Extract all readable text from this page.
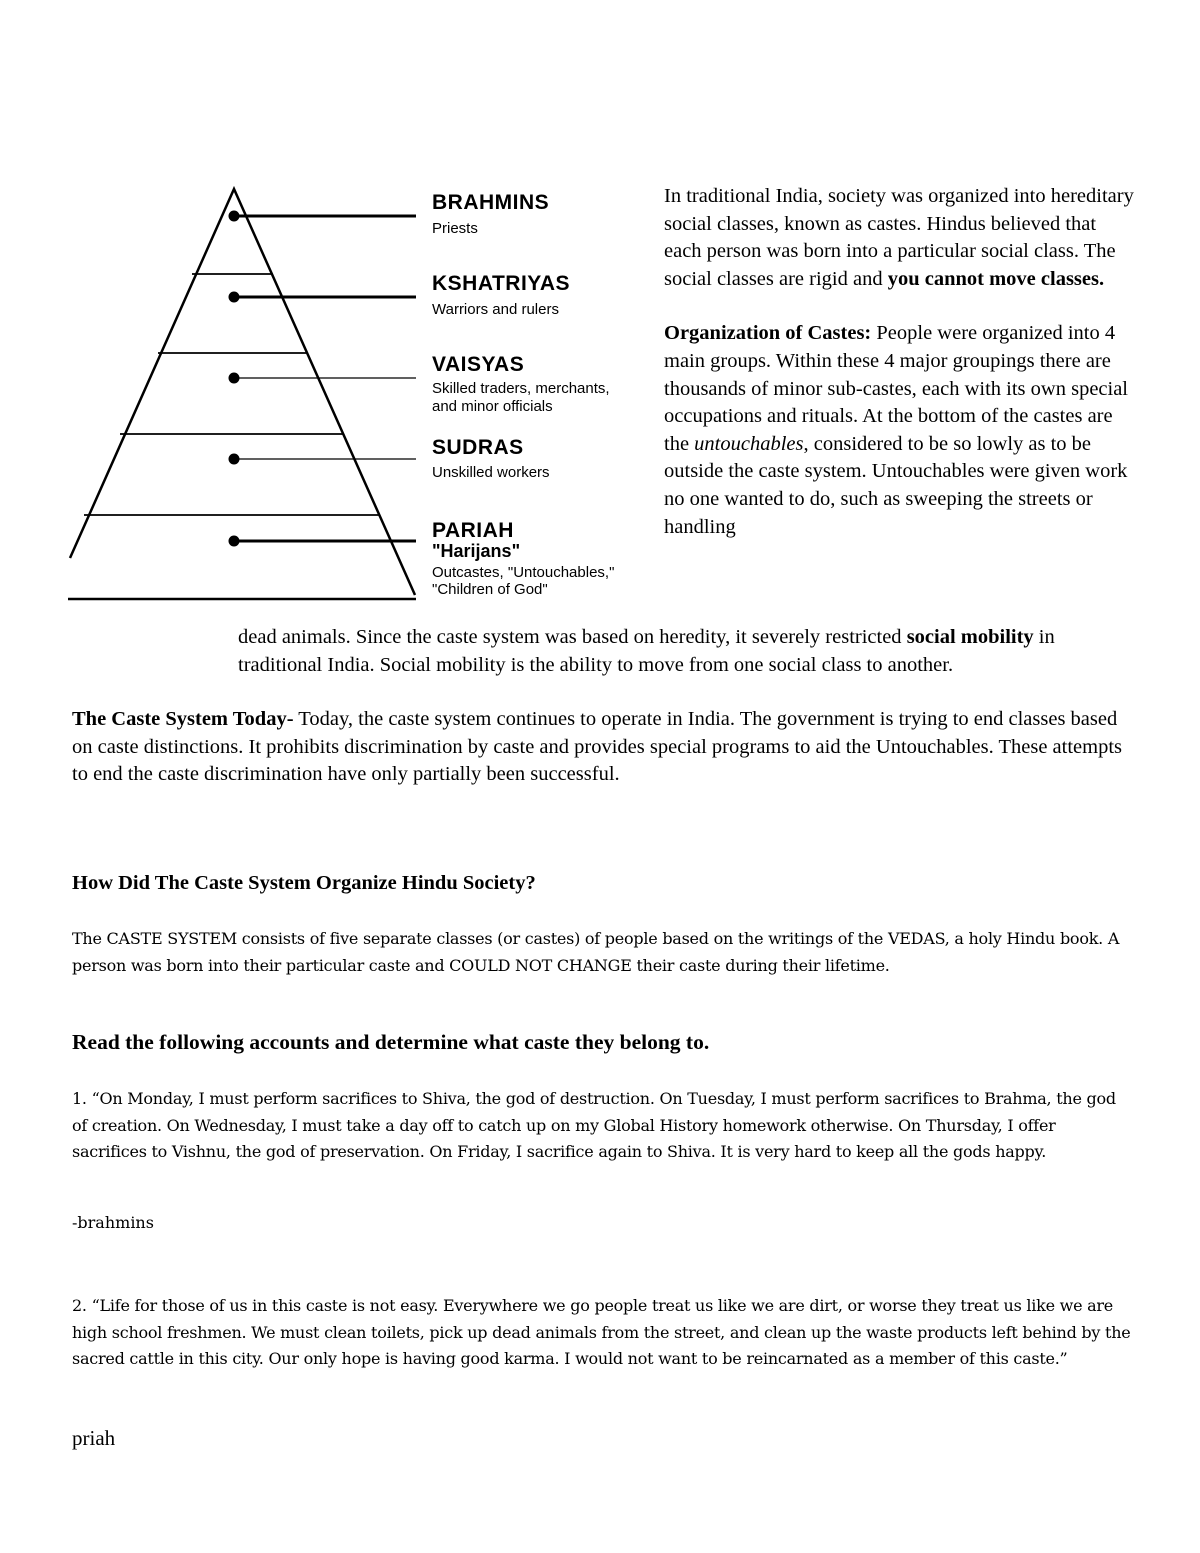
BRAHMINS
Priests
KSHATRIYAS
Warriors and rulers
VAISYAS
Skilled traders, merchants,
and minor officials
SUDRAS
Unskilled workers
PARIAH
"Harijans"
Outcastes, "Untouchables,"
"Children of God"

In traditional India, society was organized into hereditary social classes, known as castes. Hindus believed that each person was born into a particular social class. The social classes are rigid and you cannot move classes.

Organization of Castes: People were organized into 4 main groups. Within these 4 major groupings there are thousands of minor sub-castes, each with its own special occupations and rituals. At the bottom of the castes are the untouchables, considered to be so lowly as to be outside the caste system. Untouchables were given work no one wanted to do, such as sweeping the streets or handling

dead animals. Since the caste system was based on heredity, it severely restricted social mobility in traditional India. Social mobility is the ability to move from one social class to another.
The Caste System Today- Today, the caste system continues to operate in India. The government is trying to end classes based on caste distinctions. It prohibits discrimination by caste and provides special programs to aid the Untouchables. These attempts to end the caste discrimination have only partially been successful.
How Did The Caste System Organize Hindu Society?
The CASTE SYSTEM consists of five separate classes (or castes) of people based on the writings of the VEDAS, a holy Hindu book. A person was born into their particular caste and COULD NOT CHANGE their caste during their lifetime.
Read the following accounts and determine what caste they belong to.
1. “On Monday, I must perform sacrifices to Shiva, the god of destruction. On Tuesday, I must perform sacrifices to Brahma, the god of creation. On Wednesday, I must take a day off to catch up on my Global History homework otherwise. On Thursday, I offer sacrifices to Vishnu, the god of preservation. On Friday, I sacrifice again to Shiva. It is very hard to keep all the gods happy.
-brahmins
2. “Life for those of us in this caste is not easy. Everywhere we go people treat us like we are dirt, or worse they treat us like we are high school freshmen. We must clean toilets, pick up dead animals from the street, and clean up the waste products left behind by the sacred cattle in this city. Our only hope is having good karma. I would not want to be reincarnated as a member of this caste.”
priah
